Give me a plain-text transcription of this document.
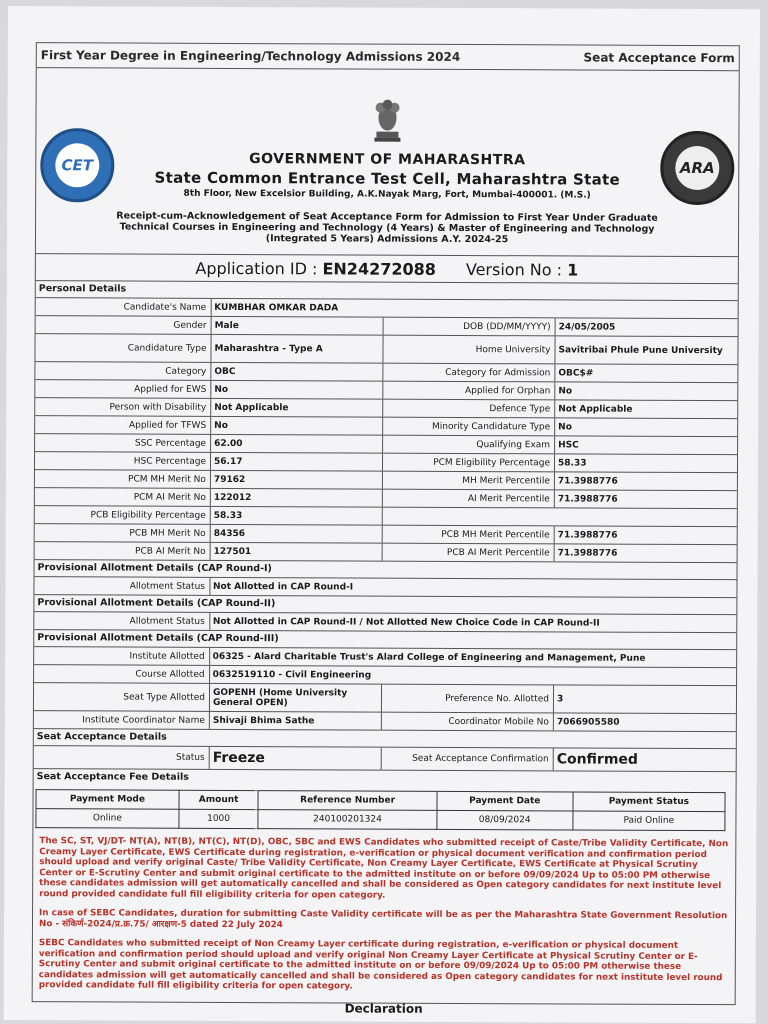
First Year Degree in Engineering/Technology Admissions 2024	Seat Acceptance Form
CET	GOVERNMENT OF MAHARASHTRA
State Common Entrance Test Cell, Maharashtra State
8th Floor, New Excelsior Building, A.K.Nayak Marg, Fort, Mumbai-400001. (M.S.)
Receipt-cum-Acknowledgement of Seat Acceptance Form for Admission to First Year Under Graduate Technical Courses in Engineering and Technology (4 Years) & Master of Engineering and Technology (Integrated 5 Years) Admissions A.Y. 2024-25
ARA
Application ID : EN24272088 Version No : 1
Personal Details
Candidate's Name KUMBHAR OMKAR DADA
Gender Male	DOB (DD/MM/YYYY) 24/05/2005
Candidature Type Maharashtra - Type A	Home University Savitribai Phule Pune University
Category OBC	Category for Admission OBC$#
Applied for EWS No	Applied for Orphan No
Person with Disability Not Applicable	Defence Type Not Applicable
Applied for TFWS No	Minority Candidature Type No
SSC Percentage 62.00	Qualifying Exam HSC
HSC Percentage 56.17	PCM Eligibility Percentage 58.33
PCM MH Merit No 79162	MH Merit Percentile 71.3988776
PCM AI Merit No 122012	AI Merit Percentile 71.3988776
PCB Eligibility Percentage 58.33
PCB MH Merit No 84356	PCB MH Merit Percentile 71.3988776
PCB AI Merit No 127501	PCB AI Merit Percentile 71.3988776
Provisional Allotment Details (CAP Round-I)
Allotment Status Not Allotted in CAP Round-I
Provisional Allotment Details (CAP Round-II)
Allotment Status Not Allotted in CAP Round-II / Not Allotted New Choice Code in CAP Round-II
Provisional Allotment Details (CAP Round-III)
Institute Allotted 06325 - Alard Charitable Trust's Alard College of Engineering and Management, Pune
Course Allotted 0632519110 - Civil Engineering
Seat Type Allotted GOPENH (Home University General OPEN)	Preference No. Allotted 3
Institute Coordinator Name Shivaji Bhima Sathe	Coordinator Mobile No 7066905580
Seat Acceptance Details
Status Freeze	Seat Acceptance Confirmation Confirmed
Seat Acceptance Fee Details
Payment Mode	Amount	Reference Number	Payment Date	Payment Status
Online	1000	240100201324	08/09/2024	Paid Online

The SC, ST, VJ/DT- NT(A), NT(B), NT(C), NT(D), OBC, SBC and EWS Candidates who submitted receipt of Caste/Tribe Validity Certificate, Non Creamy Layer Certificate, EWS Certificate during registration, e-verification or physical document verification and confirmation period should upload and verify original Caste/ Tribe Validity Certificate, Non Creamy Layer Certificate, EWS Certificate at Physical Scrutiny Center or E-Scrutiny Center and submit original certificate to the admitted institute on or before 09/09/2024 Up to 05:00 PM otherwise these candidates admission will get automatically cancelled and shall be considered as Open category candidates for next institute level round provided candidate full fill eligibility criteria for open category.

In case of SEBC Candidates, duration for submitting Caste Validity certificate will be as per the Maharashtra State Government Resolution No - संकिर्ण-2024/प्र.क्र.75/ आरक्षण-5 dated 22 July 2024

SEBC Candidates who submitted receipt of Non Creamy Layer certificate during registration, e-verification or physical document verification and confirmation period should upload and verify original Non Creamy Layer Certificate at Physical Scrutiny Center or E-Scrutiny Center and submit original certificate to the admitted institute on or before 09/09/2024 Up to 05:00 PM otherwise these candidates admission will get automatically cancelled and shall be considered as Open category candidates for next institute level round provided candidate full fill eligibility criteria for open category.

Declaration
